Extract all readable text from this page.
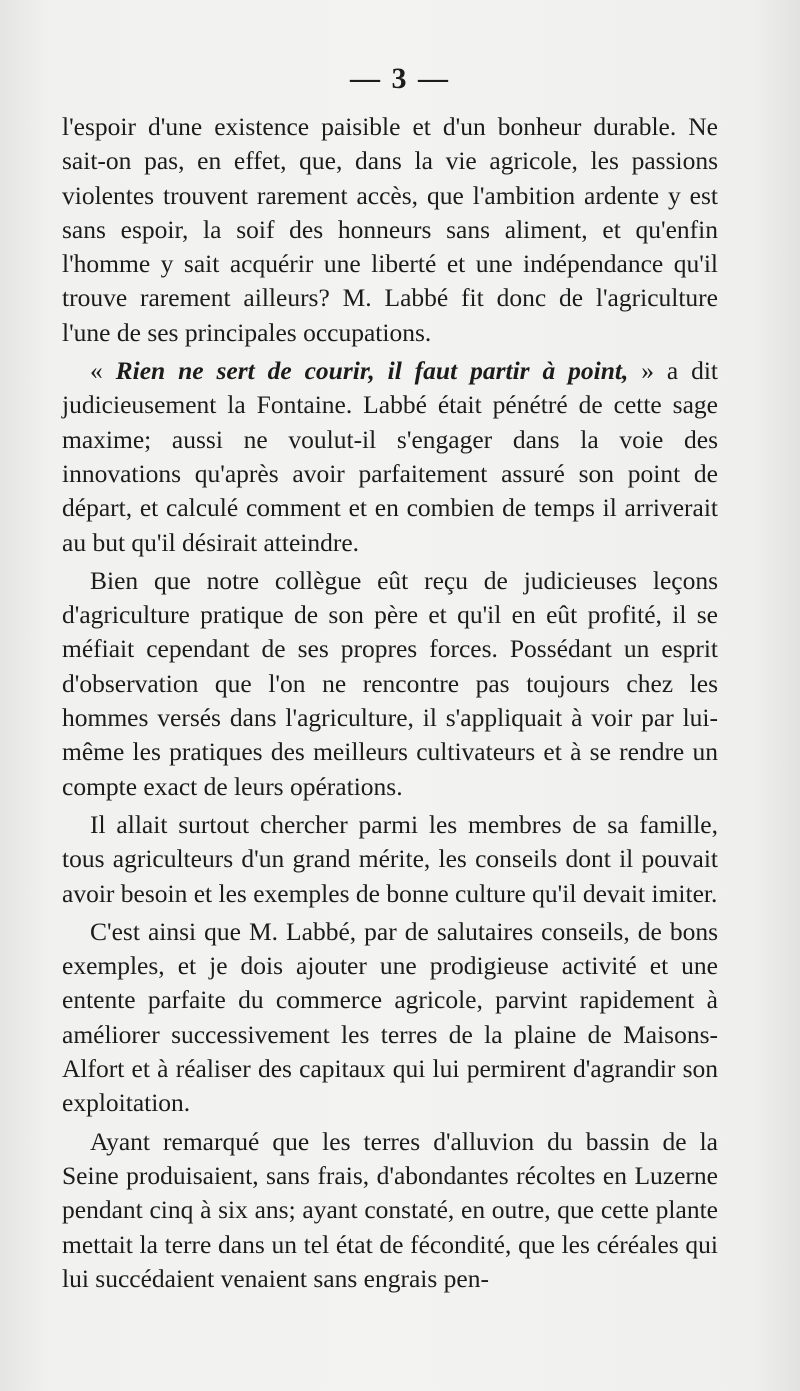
— 3 —

l'espoir d'une existence paisible et d'un bonheur durable. Ne sait-on pas, en effet, que, dans la vie agricole, les passions violentes trouvent rarement accès, que l'ambition ardente y est sans espoir, la soif des honneurs sans aliment, et qu'enfin l'homme y sait acquérir une liberté et une indépendance qu'il trouve rarement ailleurs? M. Labbé fit donc de l'agriculture l'une de ses principales occupations.

« Rien ne sert de courir, il faut partir à point, » a dit judicieusement la Fontaine. Labbé était pénétré de cette sage maxime; aussi ne voulut-il s'engager dans la voie des innovations qu'après avoir parfaitement assuré son point de départ, et calculé comment et en combien de temps il arriverait au but qu'il désirait atteindre.

Bien que notre collègue eût reçu de judicieuses leçons d'agriculture pratique de son père et qu'il en eût profité, il se méfiait cependant de ses propres forces. Possédant un esprit d'observation que l'on ne rencontre pas toujours chez les hommes versés dans l'agriculture, il s'appliquait à voir par lui-même les pratiques des meilleurs cultivateurs et à se rendre un compte exact de leurs opérations.

Il allait surtout chercher parmi les membres de sa famille, tous agriculteurs d'un grand mérite, les conseils dont il pouvait avoir besoin et les exemples de bonne culture qu'il devait imiter.

C'est ainsi que M. Labbé, par de salutaires conseils, de bons exemples, et je dois ajouter une prodigieuse activité et une entente parfaite du commerce agricole, parvint rapidement à améliorer successivement les terres de la plaine de Maisons-Alfort et à réaliser des capitaux qui lui permirent d'agrandir son exploitation.

Ayant remarqué que les terres d'alluvion du bassin de la Seine produisaient, sans frais, d'abondantes récoltes en Luzerne pendant cinq à six ans; ayant constaté, en outre, que cette plante mettait la terre dans un tel état de fécondité, que les céréales qui lui succédaient venaient sans engrais pen-
